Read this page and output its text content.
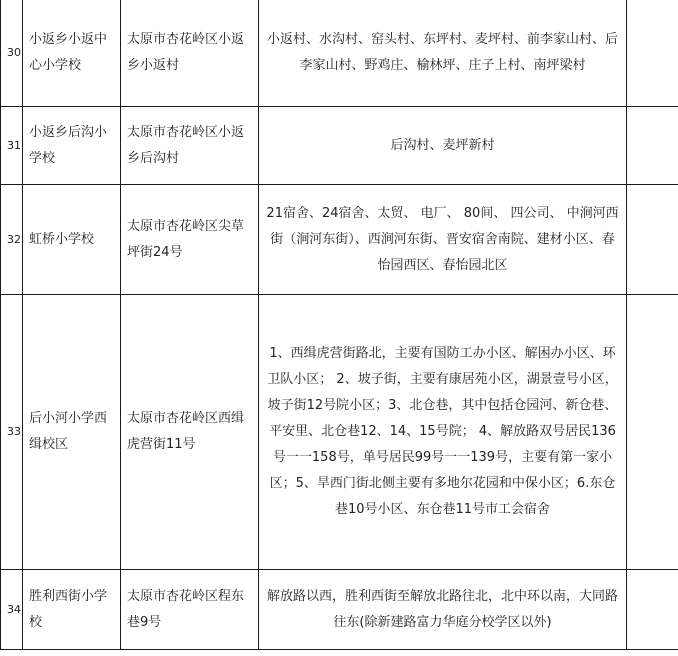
30	小返乡小返中心小学校	太原市杏花岭区小返乡小返村	小返村、水沟村、窑头村、东坪村、麦坪村、前李家山村、后李家山村、野鸡庄、榆林坪、庄子上村、南坪梁村	
31	小返乡后沟小学校	太原市杏花岭区小返乡后沟村	后沟村、麦坪新村	
32	虹桥小学校	太原市杏花岭区尖草坪街24号	21宿舍、24宿舍、太贸、 电厂、 80间、 四公司、 中涧河西街（涧河东街）、西涧河东街、晋安宿舍南院、建材小区、春怡园西区、春怡园北区	
33	后小河小学西缉校区	太原市杏花岭区西缉虎营街11号	1、西缉虎营街路北，主要有国防工办小区、解困办小区、环卫队小区； 2、坡子街，主要有康居苑小区，湖景壹号小区，坡子街12号院小区；3、北仓巷，其中包括仓园河、新仓巷、平安里、北仓巷12、14、15号院； 4、解放路双号居民136号一一158号，单号居民99号一一139号，主要有第一家小区；5、旱西门街北侧主要有多地尔花园和中保小区；6.东仓巷10号小区、东仓巷11号市工会宿舍	
34	胜利西街小学校	太原市杏花岭区程东巷9号	解放路以西，胜利西街至解放北路往北，北中环以南，大同路往东(除新建路富力华庭分校学区以外)	
